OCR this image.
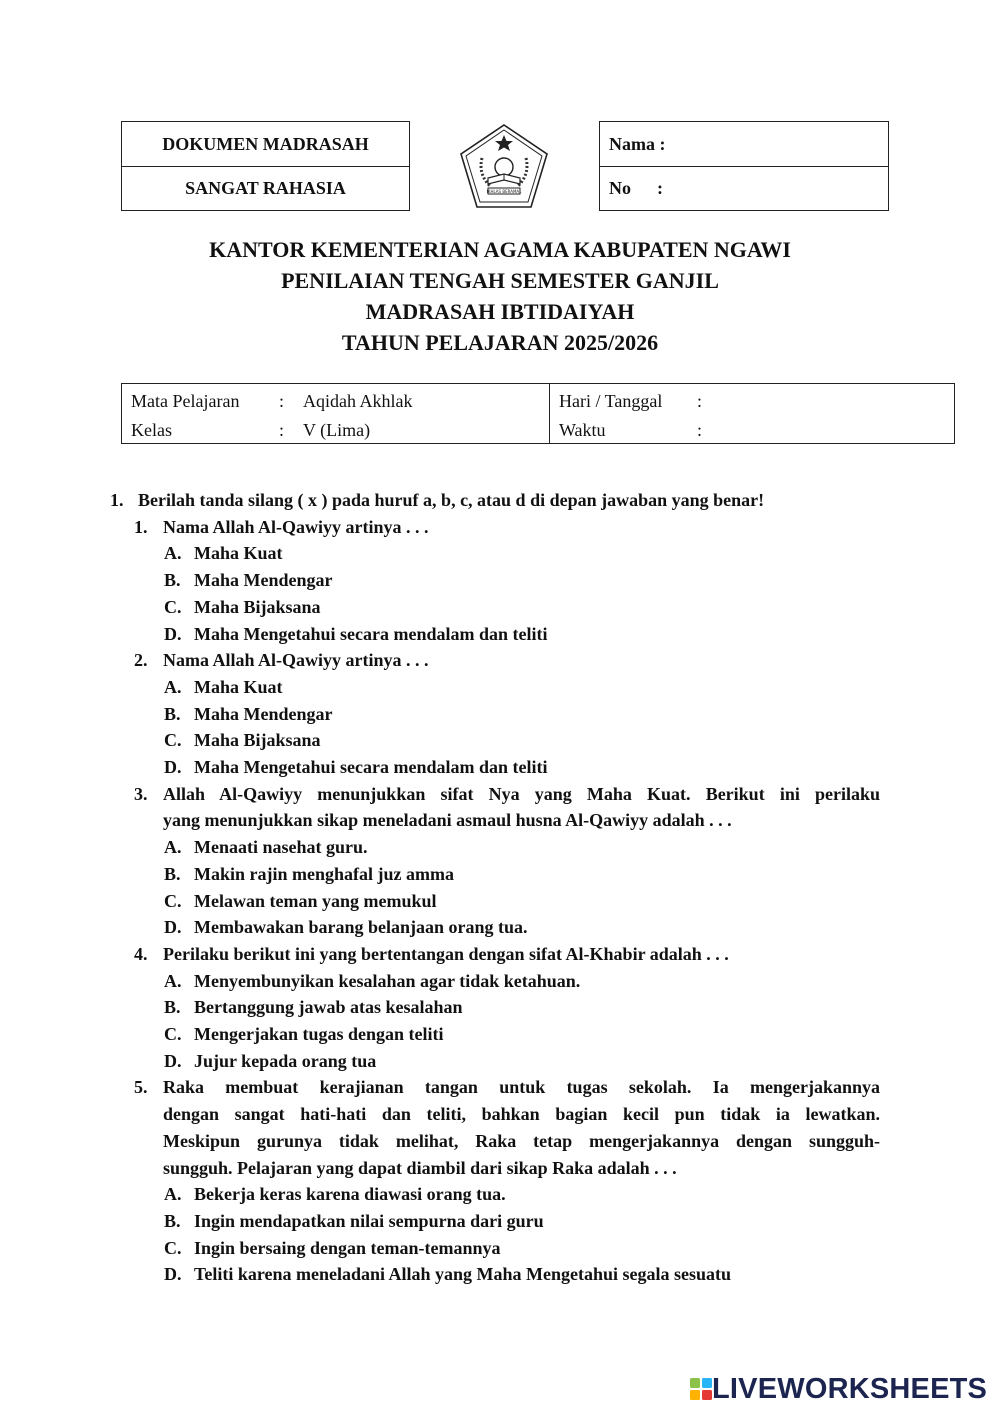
DOKUMEN MADRASAH
SANGAT RAHASIA	IKHLAS BERAMAL
Nama :
No :
KANTOR KEMENTERIAN AGAMA KABUPATEN NGAWI
PENILAIAN TENGAH SEMESTER GANJIL
MADRASAH IBTIDAIYAH
TAHUN PELAJARAN 2025/2026
Mata Pelajaran	:	Aqidah Akhlak
Kelas	:	V (Lima)
Hari / Tanggal	:
Waktu	:
1. Berilah tanda silang ( x ) pada huruf a, b, c, atau d di depan jawaban yang benar!
1. Nama Allah Al-Qawiyy artinya . . .
A. Maha Kuat
B. Maha Mendengar
C. Maha Bijaksana
D. Maha Mengetahui secara mendalam dan teliti
2. Nama Allah Al-Qawiyy artinya . . .
A. Maha Kuat
B. Maha Mendengar
C. Maha Bijaksana
D. Maha Mengetahui secara mendalam dan teliti
3. Allah Al-Qawiyy menunjukkan sifat Nya yang Maha Kuat. Berikut ini perilaku
yang menunjukkan sikap meneladani asmaul husna Al-Qawiyy adalah . . .
A. Menaati nasehat guru.
B. Makin rajin menghafal juz amma
C. Melawan teman yang memukul
D. Membawakan barang belanjaan orang tua.
4. Perilaku berikut ini yang bertentangan dengan sifat Al-Khabir adalah . . .
A. Menyembunyikan kesalahan agar tidak ketahuan.
B. Bertanggung jawab atas kesalahan
C. Mengerjakan tugas dengan teliti
D. Jujur kepada orang tua
5. Raka membuat kerajianan tangan untuk tugas sekolah. Ia mengerjakannya
dengan sangat hati-hati dan teliti, bahkan bagian kecil pun tidak ia lewatkan.
Meskipun gurunya tidak melihat, Raka tetap mengerjakannya dengan sungguh-
sungguh. Pelajaran yang dapat diambil dari sikap Raka adalah . . .
A. Bekerja keras karena diawasi orang tua.
B. Ingin mendapatkan nilai sempurna dari guru
C. Ingin bersaing dengan teman-temannya
D. Teliti karena meneladani Allah yang Maha Mengetahui segala sesuatu
LIVEWORKSHEETS
